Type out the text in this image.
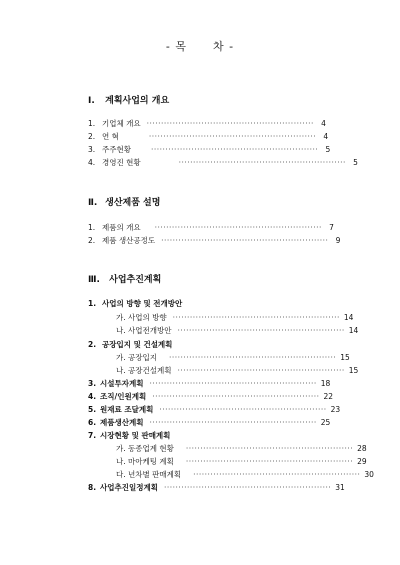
- 목 차 -
Ⅰ. 계획사업의 개요
1. 기업체 개요 ·························································· 4
2. 연 혁	·························································· 4
3. 주주현황	·························································· 5
4. 경영진 현황	·························································· 5
Ⅱ. 생산제품 설명
1. 제품의 개요	·························································· 7
2. 제품 생산공정도 ·························································· 9
Ⅲ. 사업추진계획
1. 사업의 방향 및 전개방안
가. 사업의 방향 ·························································· 14
나. 사업전개방안 ·························································· 14
2. 공장입지 및 건설계획
가. 공장입지	·························································· 15
나. 공장건설계획 ·························································· 15
3. 시설투자계획 ·························································· 18
4. 조직/인원계획 ·························································· 22
5. 원재료 조달계획 ·························································· 23
6. 제품생산계획 ·························································· 25
7. 시장현황 및 판매계획
가. 동종업계 현황	·························································· 28
나. 마아케팅 계획	·························································· 29
다. 년차별 판매계획	·························································· 30
8. 사업추진일정계획 ·························································· 31
